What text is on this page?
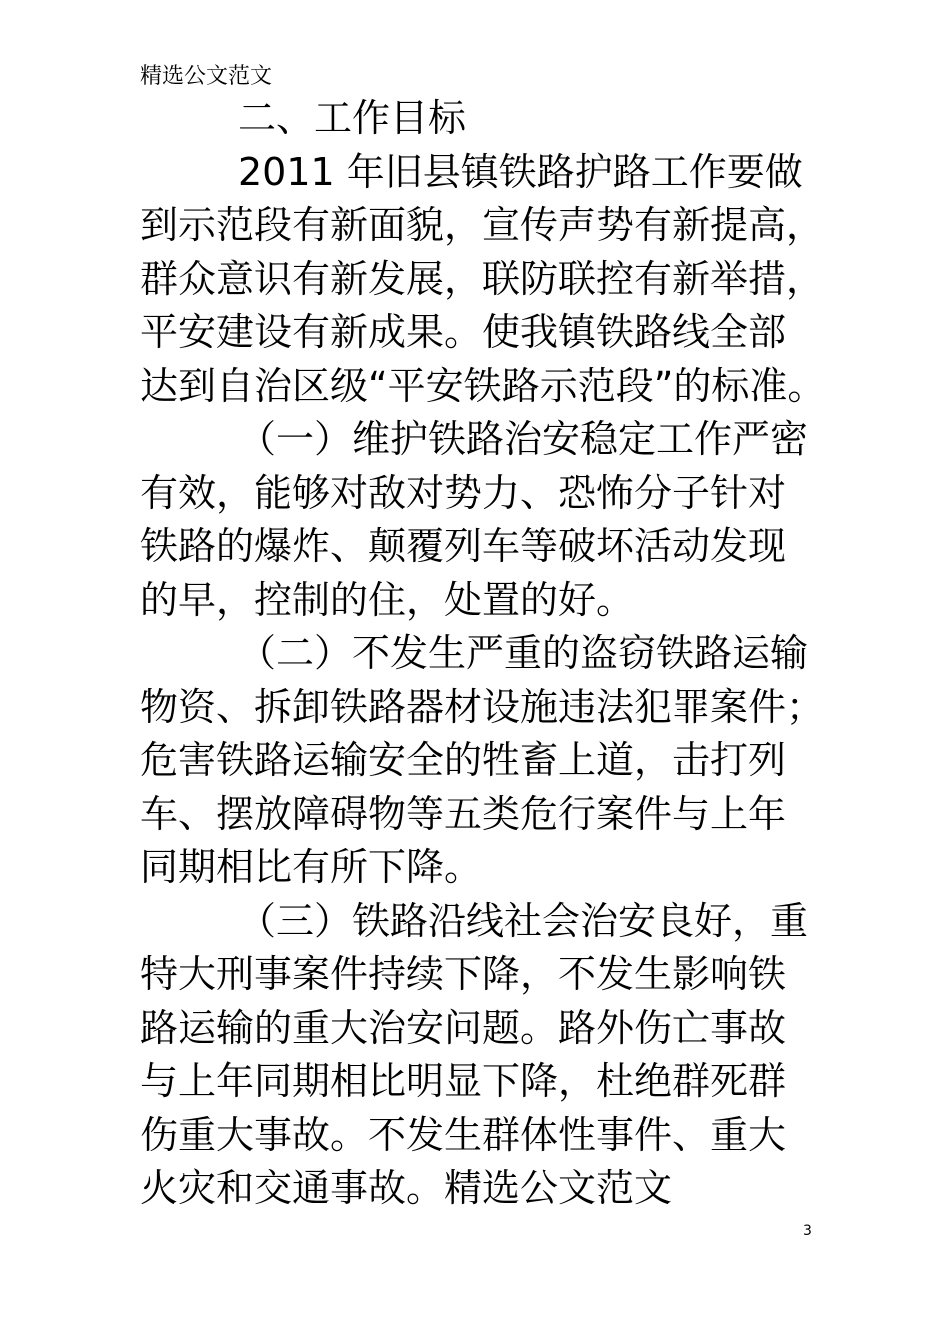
精选公文范文
二、工作目标
2011 年旧县镇铁路护路工作要做
到示范段有新面貌，宣传声势有新提高，
群众意识有新发展，联防联控有新举措，
平安建设有新成果。使我镇铁路线全部
达到自治区级“平安铁路示范段”的标准。
（一）维护铁路治安稳定工作严密
有效，能够对敌对势力、恐怖分子针对
铁路的爆炸、颠覆列车等破坏活动发现
的早，控制的住，处置的好。
（二）不发生严重的盗窃铁路运输
物资、拆卸铁路器材设施违法犯罪案件；
危害铁路运输安全的牲畜上道，击打列
车、摆放障碍物等五类危行案件与上年
同期相比有所下降。
（三）铁路沿线社会治安良好，重
特大刑事案件持续下降，不发生影响铁
路运输的重大治安问题。路外伤亡事故
与上年同期相比明显下降，杜绝群死群
伤重大事故。不发生群体性事件、重大
火灾和交通事故。精选公文范文
3
